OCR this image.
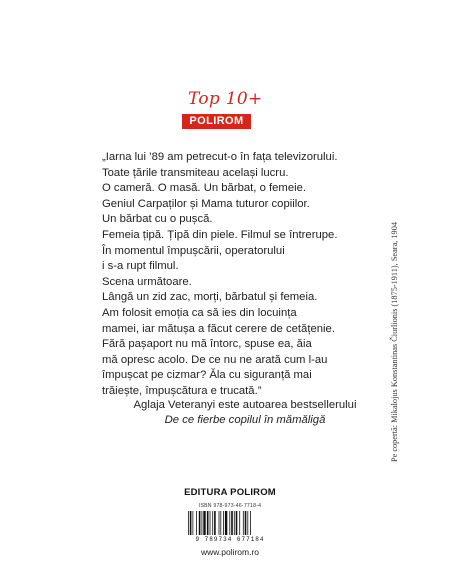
Top 10+
POLIROM
„Iarna lui ’89 am petrecut-o în fața televizorului.
Toate țările transmiteau același lucru.
O cameră. O masă. Un bărbat, o femeie.
Geniul Carpaților și Mama tuturor copiilor.
Un bărbat cu o pușcă.
Femeia țipă. Țipă din piele. Filmul se întrerupe.
În momentul împușcării, operatorului
i s-a rupt filmul.
Scena următoare.
Lângă un zid zac, morți, bărbatul și femeia.
Am folosit emoția ca să ies din locuința
mamei, iar mătușa a făcut cerere de cetățenie.
Fără pașaport nu mă întorc, spuse ea, ăia
mă opresc acolo. De ce nu ne arată cum l-au
împușcat pe cizmar? Ăla cu siguranță mai
trăiește, împușcătura e trucată.”
Aglaja Veteranyi este autoarea bestsellerului
De ce fierbe copilul în mămăligă
EDITURA POLIROM
ISBN 978-973-46-7718-4
9 789734 677184
www.polirom.ro
Pe copertă: Mikalojus Konstantinas Čiurlionis (1875-1911), Seara, 1904
